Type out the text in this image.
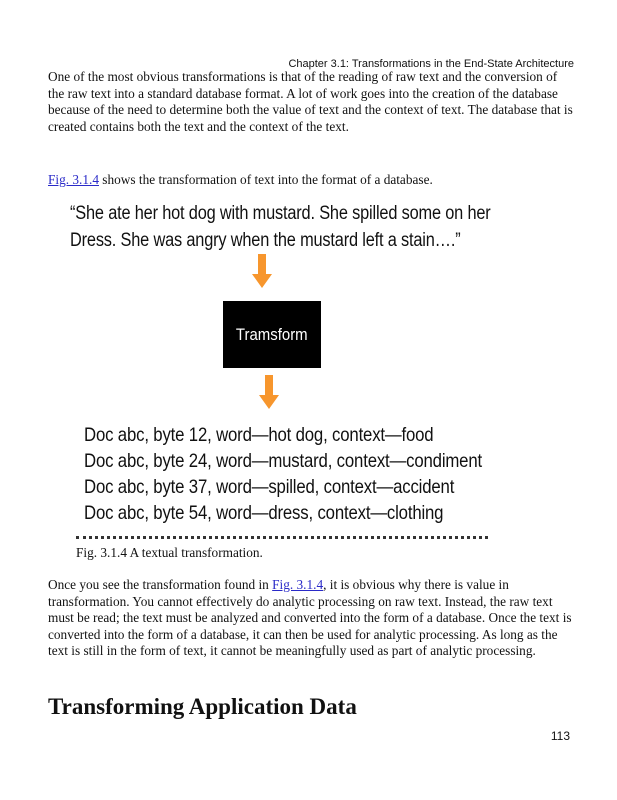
Chapter 3.1: Transformations in the End-State Architecture
One of the most obvious transformations is that of the reading of raw text and the conversion of the raw text into a standard database format. A lot of work goes into the creation of the database because of the need to determine both the value of text and the context of text. The database that is created contains both the text and the context of the text.
Fig. 3.1.4 shows the transformation of text into the format of a database.
“She ate her hot dog with mustard. She spilled some on her
Dress. She was angry when the mustard left a stain….”
Tramsform
Doc abc, byte 12, word—hot dog, context—food
Doc abc, byte 24, word—mustard, context—condiment
Doc abc, byte 37, word—spilled, context—accident
Doc abc, byte 54, word—dress, context—clothing
Fig. 3.1.4 A textual transformation.
Once you see the transformation found in Fig. 3.1.4, it is obvious why there is value in transformation. You cannot effectively do analytic processing on raw text. Instead, the raw text must be read; the text must be analyzed and converted into the form of a database. Once the text is converted into the form of a database, it can then be used for analytic processing. As long as the text is still in the form of text, it cannot be meaningfully used as part of analytic processing.
Transforming Application Data
113
